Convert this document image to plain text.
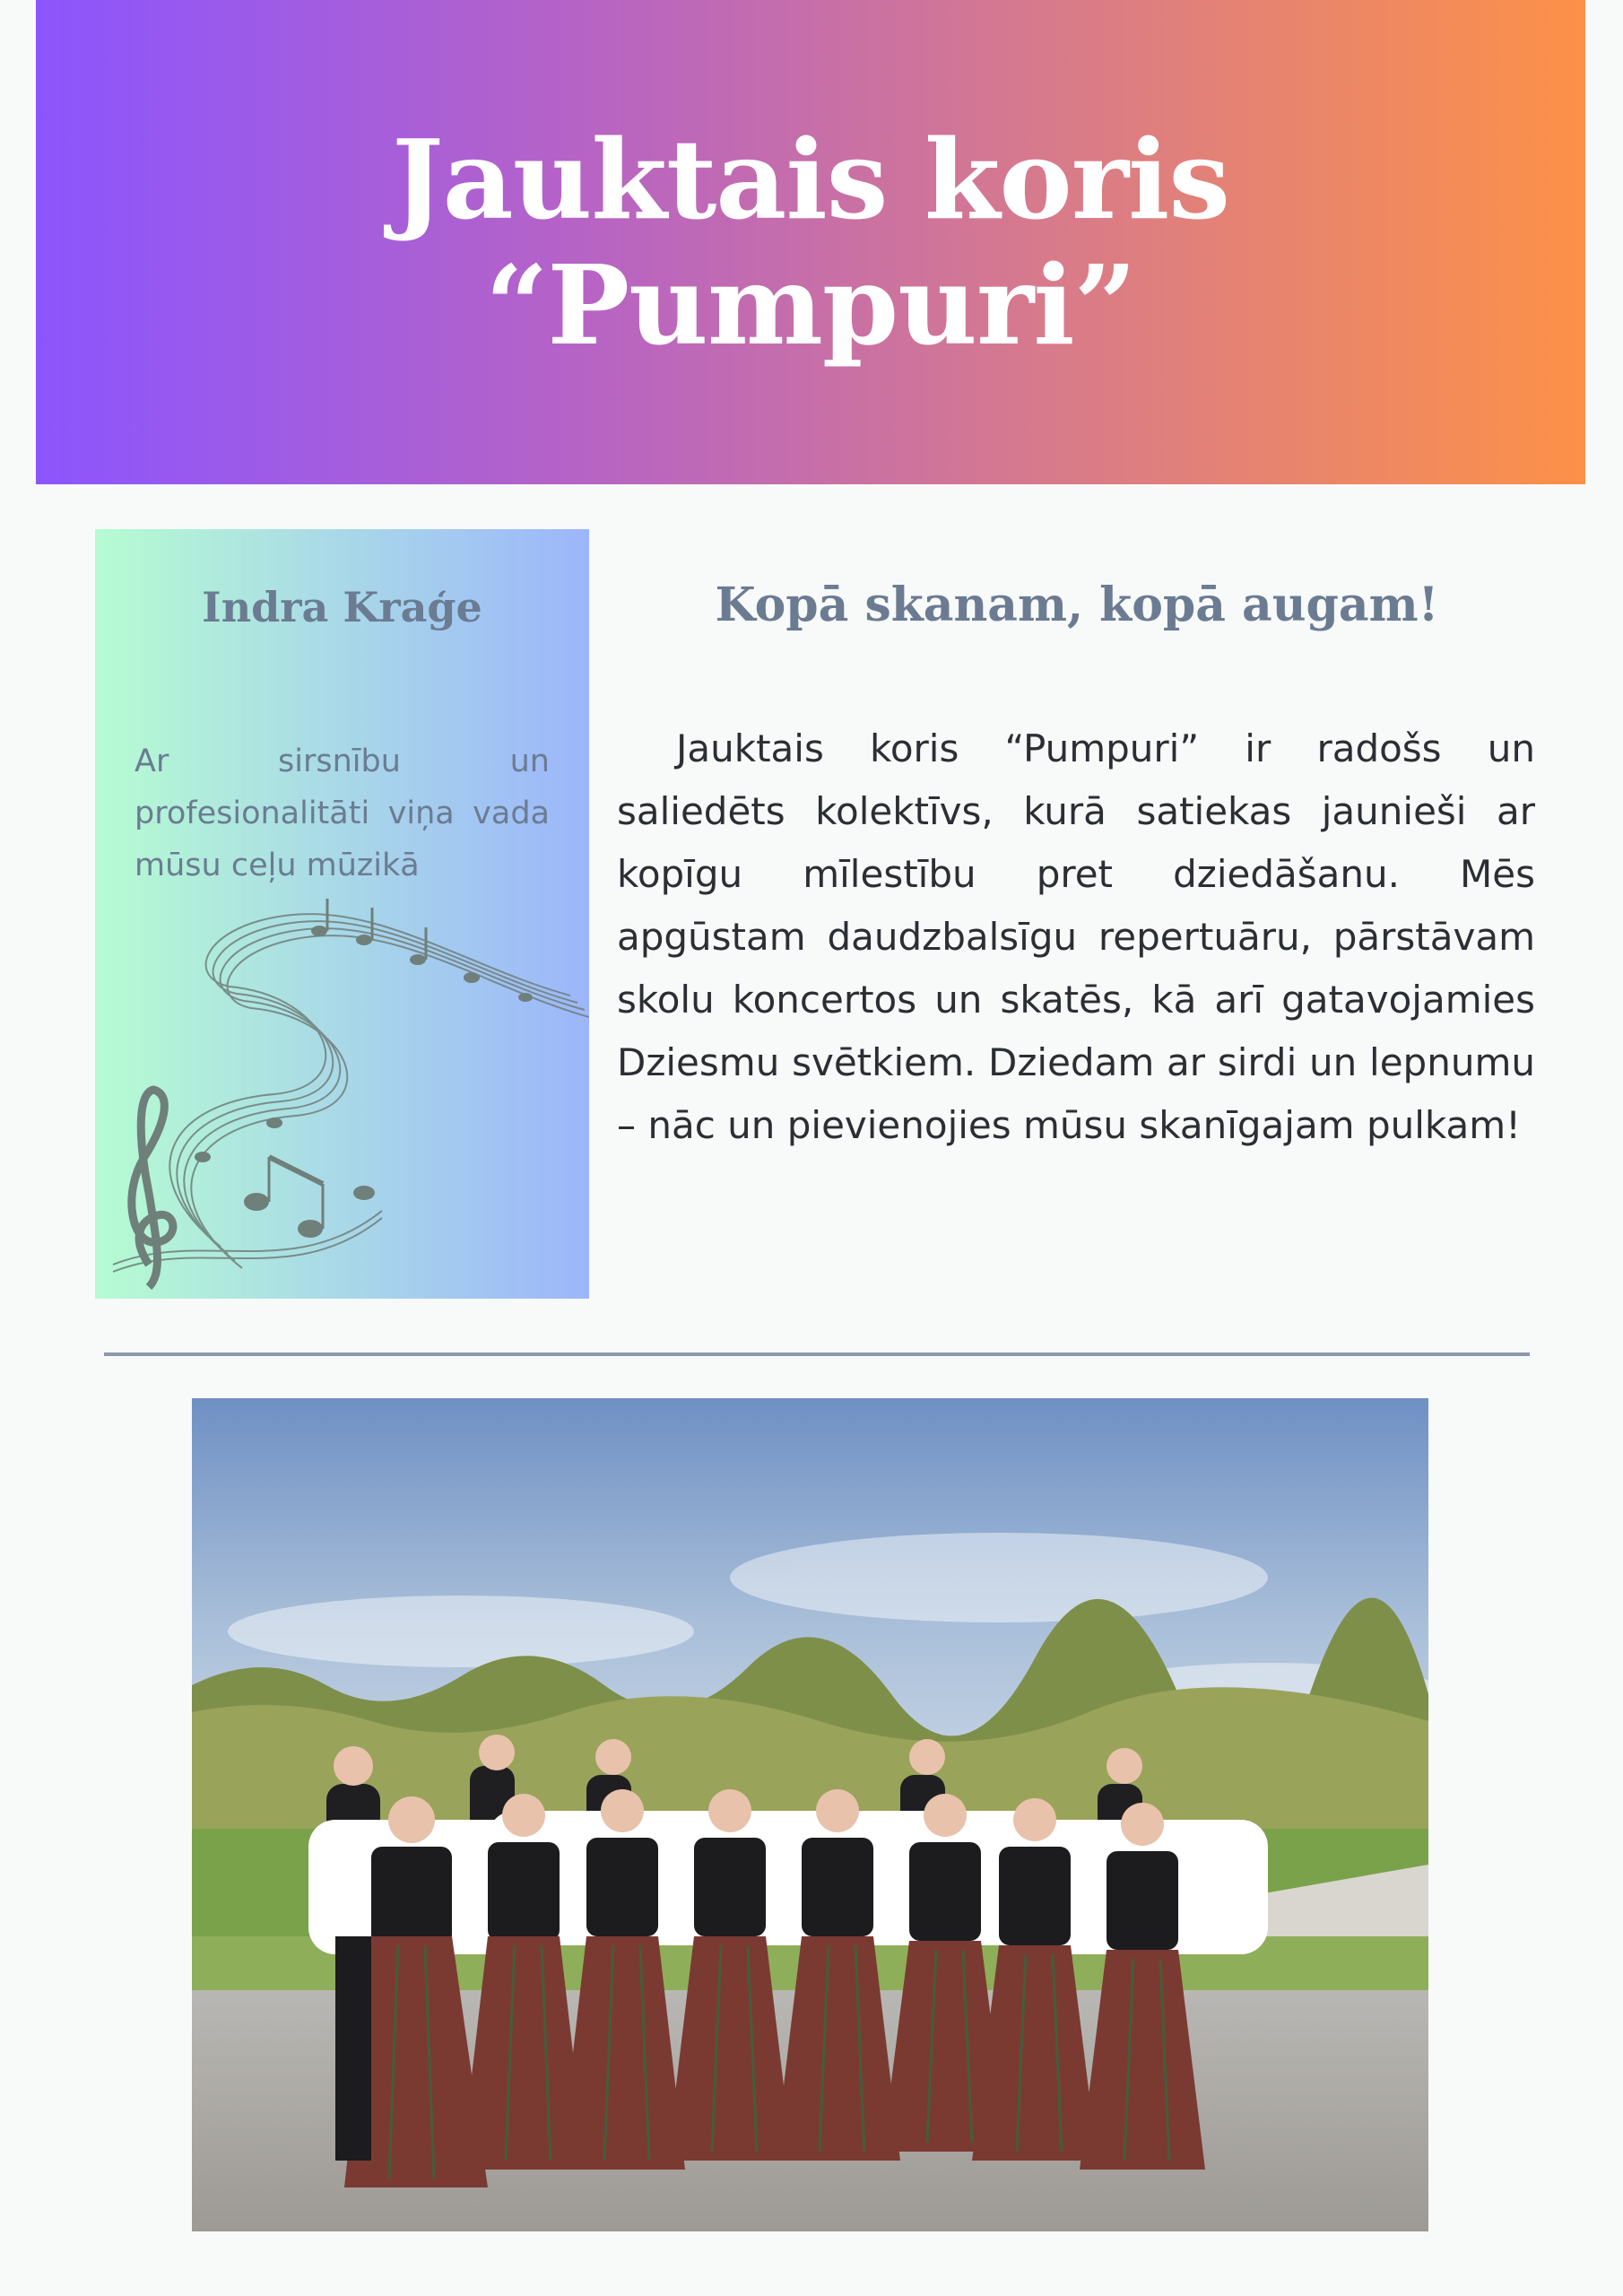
Jauktais koris
“Pumpuri”
Indra Kraģe
Ar sirsnību un profesionalitāti viņa vada mūsu ceļu mūzikā
Kopā skanam, kopā augam!

Jauktais koris “Pumpuri” ir radošs un saliedēts kolektīvs, kurā satiekas jaunieši ar kopīgu mīlestību pret dziedāšanu. Mēs apgūstam daudzbalsīgu repertuāru, pārstāvam skolu koncertos un skatēs, kā arī gatavojamies Dziesmu svētkiem. Dziedam ar sirdi un lepnumu – nāc un pievienojies mūsu skanīgajam pulkam!
